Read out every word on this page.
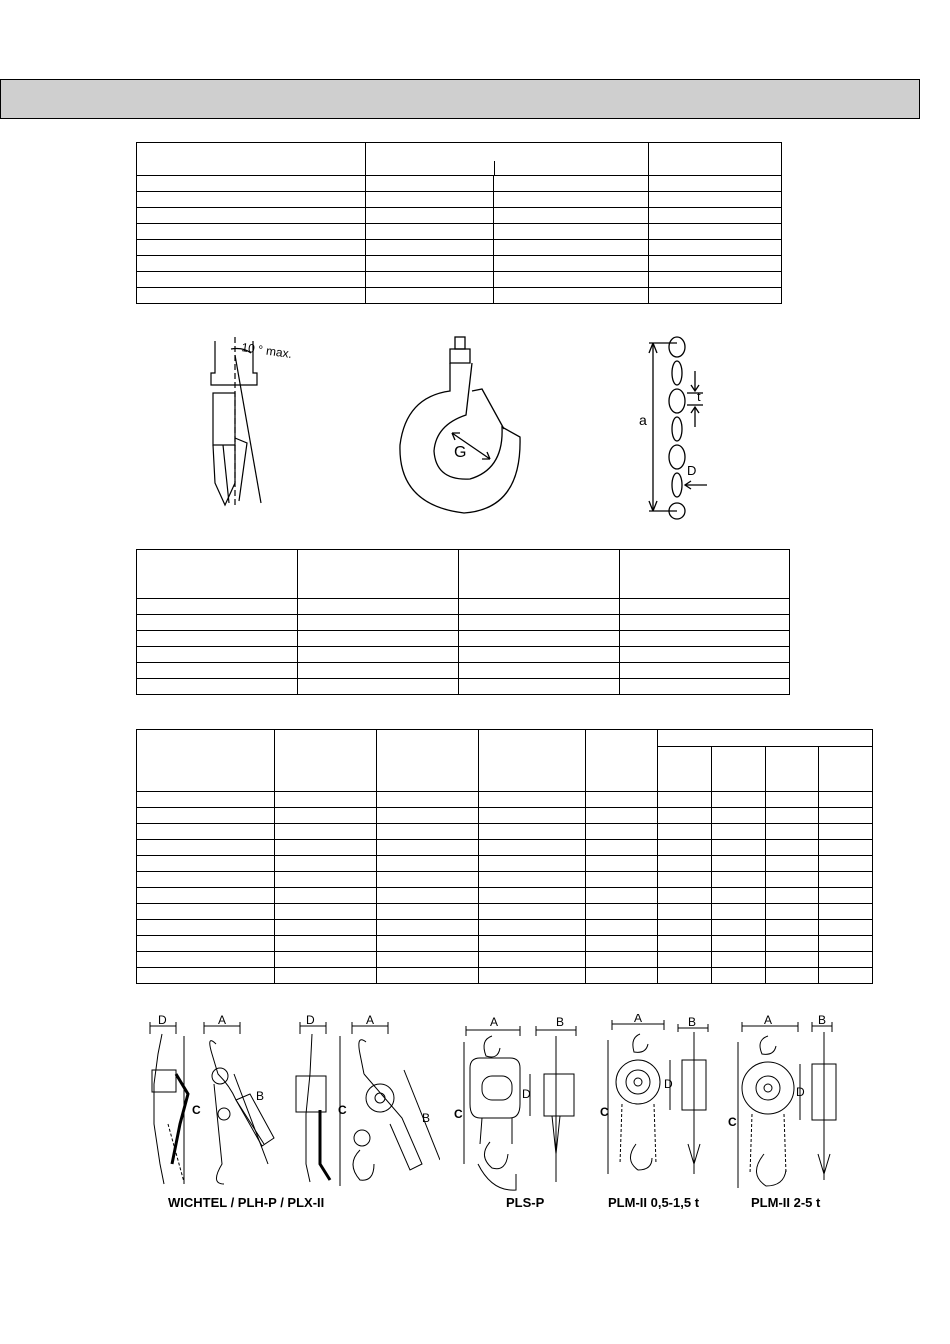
10 ° max.
G
a
t
D

D	A
B
C
D	A
B
C
A	B
C
D
A	B
C
D
A	B
C
D
WICHTEL / PLH-P / PLX-II	PLS-P	PLM-II 0,5-1,5 t	PLM-II 2-5 t
